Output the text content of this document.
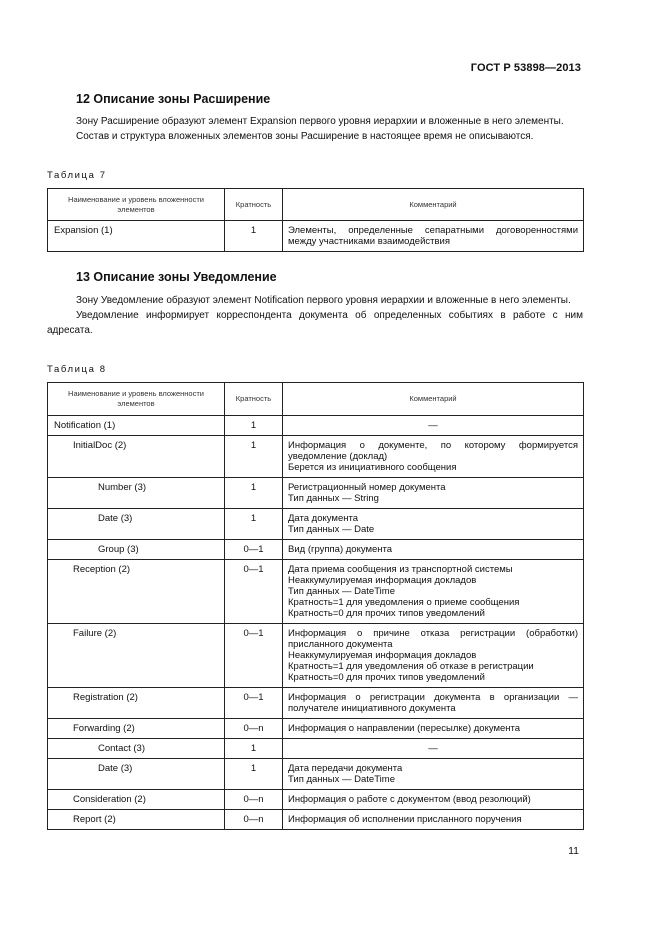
ГОСТ Р 53898—2013
12 Описание зоны Расширение

Зону Расширение образуют элемент Expansion первого уровня иерархии и вложенные в него элементы.

Состав и структура вложенных элементов зоны Расширение в настоящее время не описываются.

Таблица 7
Наименование и уровень вложенности элементов	Кратность	Комментарий
Expansion (1)	1	Элементы, определенные сепаратными договоренностями между участниками взаимодействия
13 Описание зоны Уведомление

Зону Уведомление образуют элемент Notification первого уровня иерархии и вложенные в него элементы.

Уведомление информирует корреспондента документа об определенных событиях в работе с ним адресата.

Таблица 8
Наименование и уровень вложенности элементов	Кратность	Комментарий
Notification (1)	1	—
InitialDoc (2)	1	Информация о документе, по которому формируется уведомление (доклад)
Берется из инициативного сообщения
Number (3)	1	Регистрационный номер документа
Тип данных — String
Date (3)	1	Дата документа
Тип данных — Date
Group (3)	0—1	Вид (группа) документа
Reception (2)	0—1	Дата приема сообщения из транспортной системы
Неаккумулируемая информация докладов
Тип данных — DateTime
Кратность=1 для уведомления о приеме сообщения
Кратность=0 для прочих типов уведомлений
Failure (2)	0—1	Информация о причине отказа регистрации (обработки) присланного документа
Неаккумулируемая информация докладов
Кратность=1 для уведомления об отказе в регистрации
Кратность=0 для прочих типов уведомлений
Registration (2)	0—1	Информация о регистрации документа в организации — получателе инициативного документа
Forwarding (2)	0—n	Информация о направлении (пересылке) документа
Contact (3)	1	—
Date (3)	1	Дата передачи документа
Тип данных — DateTime
Consideration (2)	0—n	Информация о работе с документом (ввод резолюций)
Report (2)	0—n	Информация об исполнении присланного поручения
11
